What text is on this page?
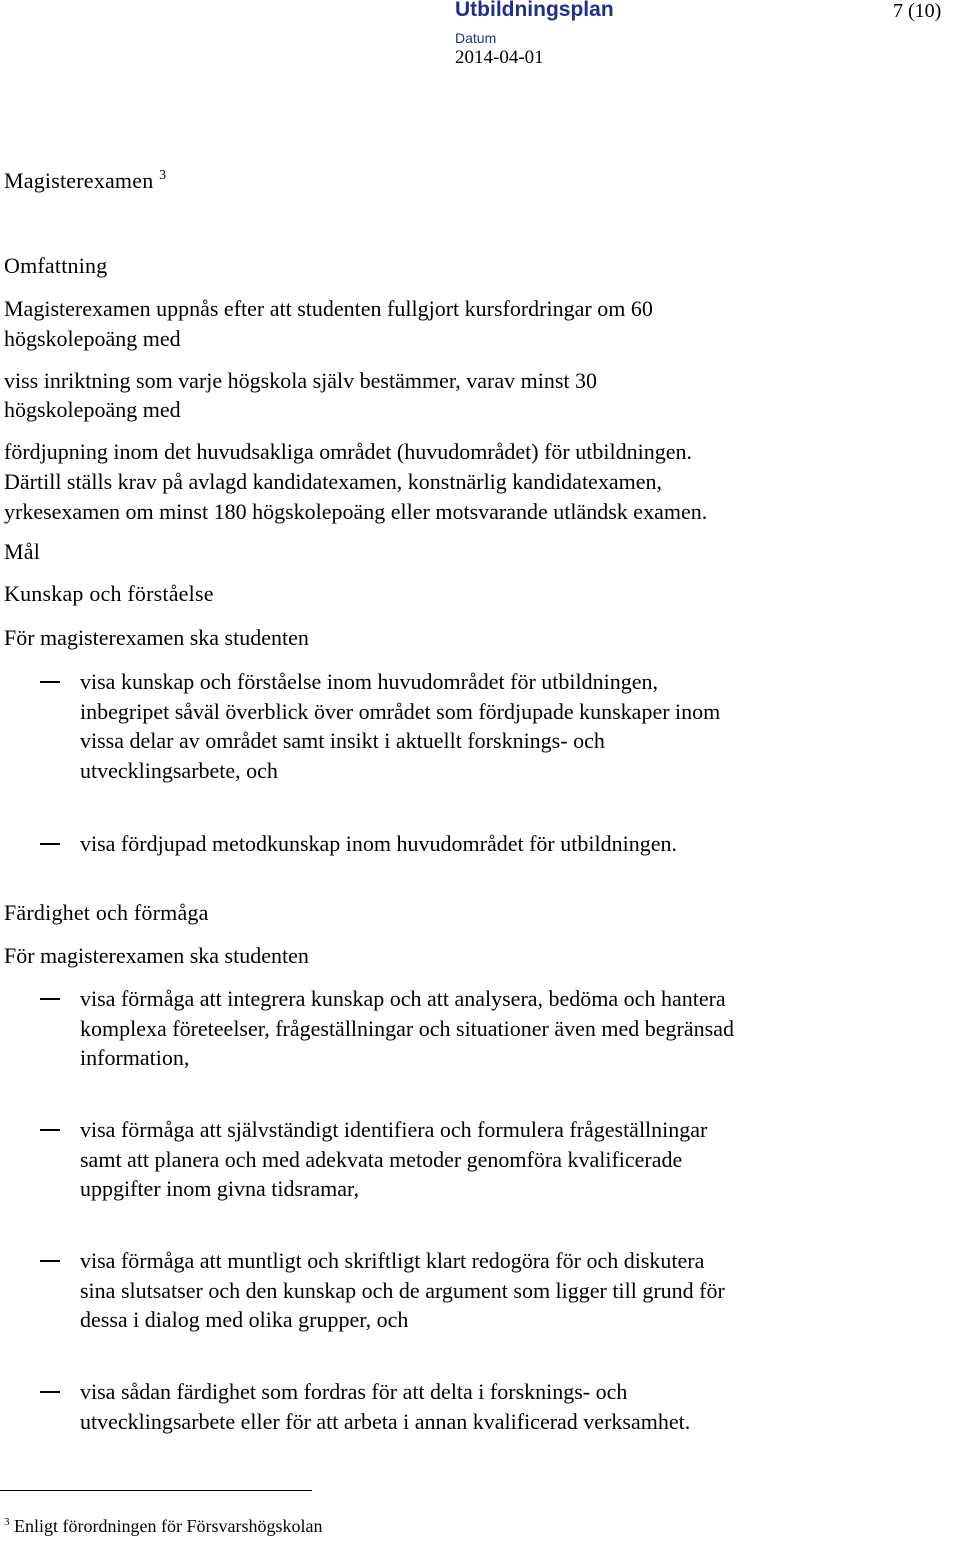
Utbildningsplan	7 (10)
Datum
2014-04-01
Magisterexamen $^3$
Omfattning
Magisterexamen uppnås efter att studenten fullgjort kursfordringar om 60
högskolepoäng med
viss inriktning som varje högskola själv bestämmer, varav minst 30
högskolepoäng med
fördjupning inom det huvudsakliga området (huvudområdet) för utbildningen.
Därtill ställs krav på avlagd kandidatexamen, konstnärlig kandidatexamen,
yrkesexamen om minst 180 högskolepoäng eller motsvarande utländsk examen.
Mål
Kunskap och förståelse
För magisterexamen ska studenten

visa kunskap och förståelse inom huvudområdet för utbildningen,
inbegripet såväl överblick över området som fördjupade kunskaper inom
vissa delar av området samt insikt i aktuellt forsknings- och
utvecklingsarbete, och

visa fördjupad metodkunskap inom huvudområdet för utbildningen.

Färdighet och förmåga
För magisterexamen ska studenten

visa förmåga att integrera kunskap och att analysera, bedöma och hantera
komplexa företeelser, frågeställningar och situationer även med begränsad
information,

visa förmåga att självständigt identifiera och formulera frågeställningar
samt att planera och med adekvata metoder genomföra kvalificerade
uppgifter inom givna tidsramar,

visa förmåga att muntligt och skriftligt klart redogöra för och diskutera
sina slutsatser och den kunskap och de argument som ligger till grund för
dessa i dialog med olika grupper, och

visa sådan färdighet som fordras för att delta i forsknings- och
utvecklingsarbete eller för att arbeta i annan kvalificerad verksamhet.

$^3$ Enligt förordningen för Försvarshögskolan
